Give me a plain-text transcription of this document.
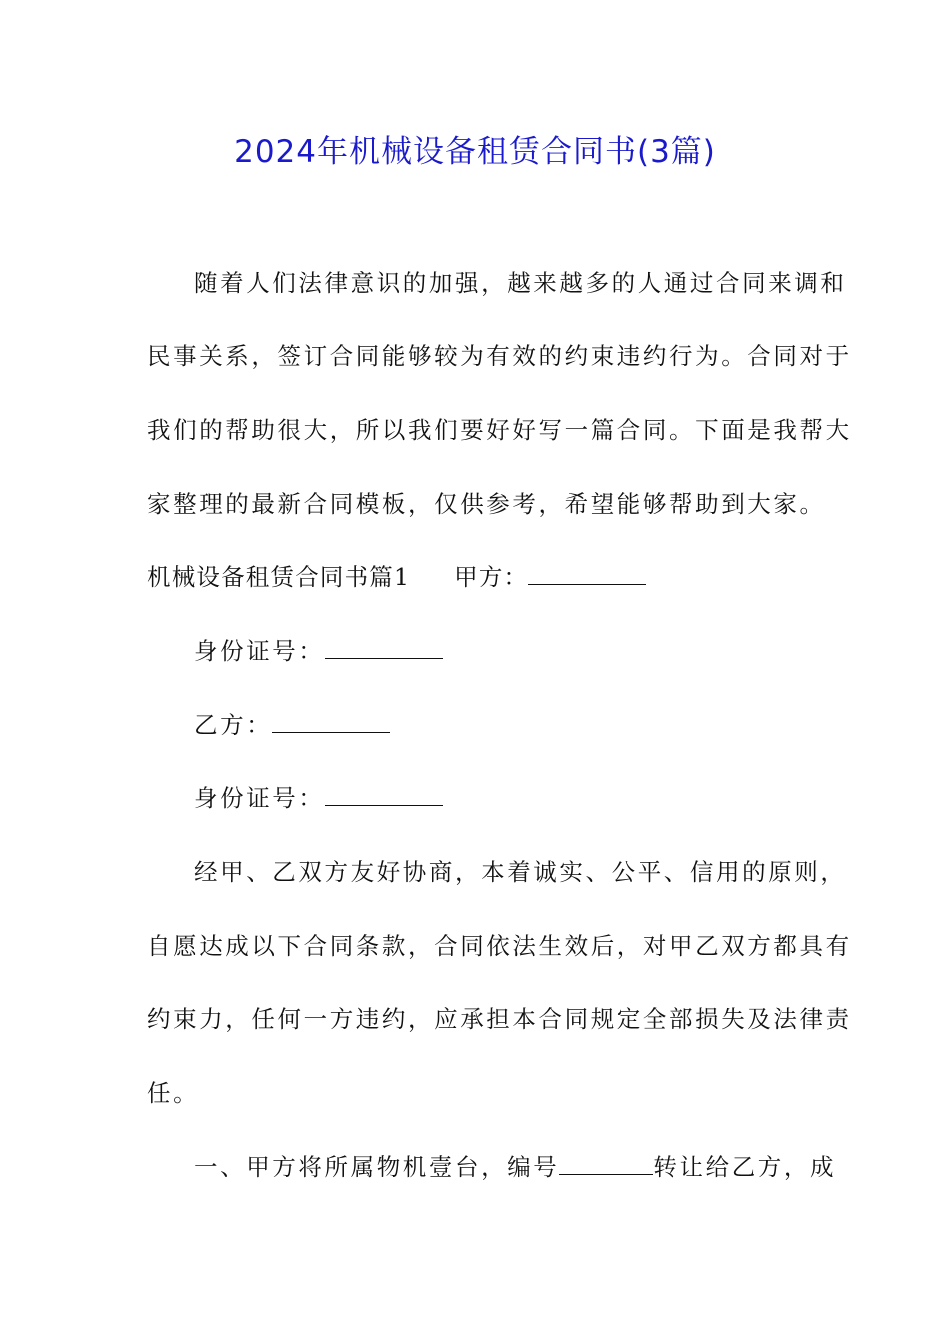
2024年机械设备租赁合同书(3篇)
随着人们法律意识的加强，越来越多的人通过合同来调和
民事关系，签订合同能够较为有效的约束违约行为。合同对于
我们的帮助很大，所以我们要好好写一篇合同。下面是我帮大
家整理的最新合同模板，仅供参考，希望能够帮助到大家。
机械设备租赁合同书篇1 甲方：
身份证号：
乙方：
身份证号：
经甲、乙双方友好协商，本着诚实、公平、信用的原则，
自愿达成以下合同条款，合同依法生效后，对甲乙双方都具有
约束力，任何一方违约，应承担本合同规定全部损失及法律责
任。
一、甲方将所属物机壹台，编号	转让给乙方，成
